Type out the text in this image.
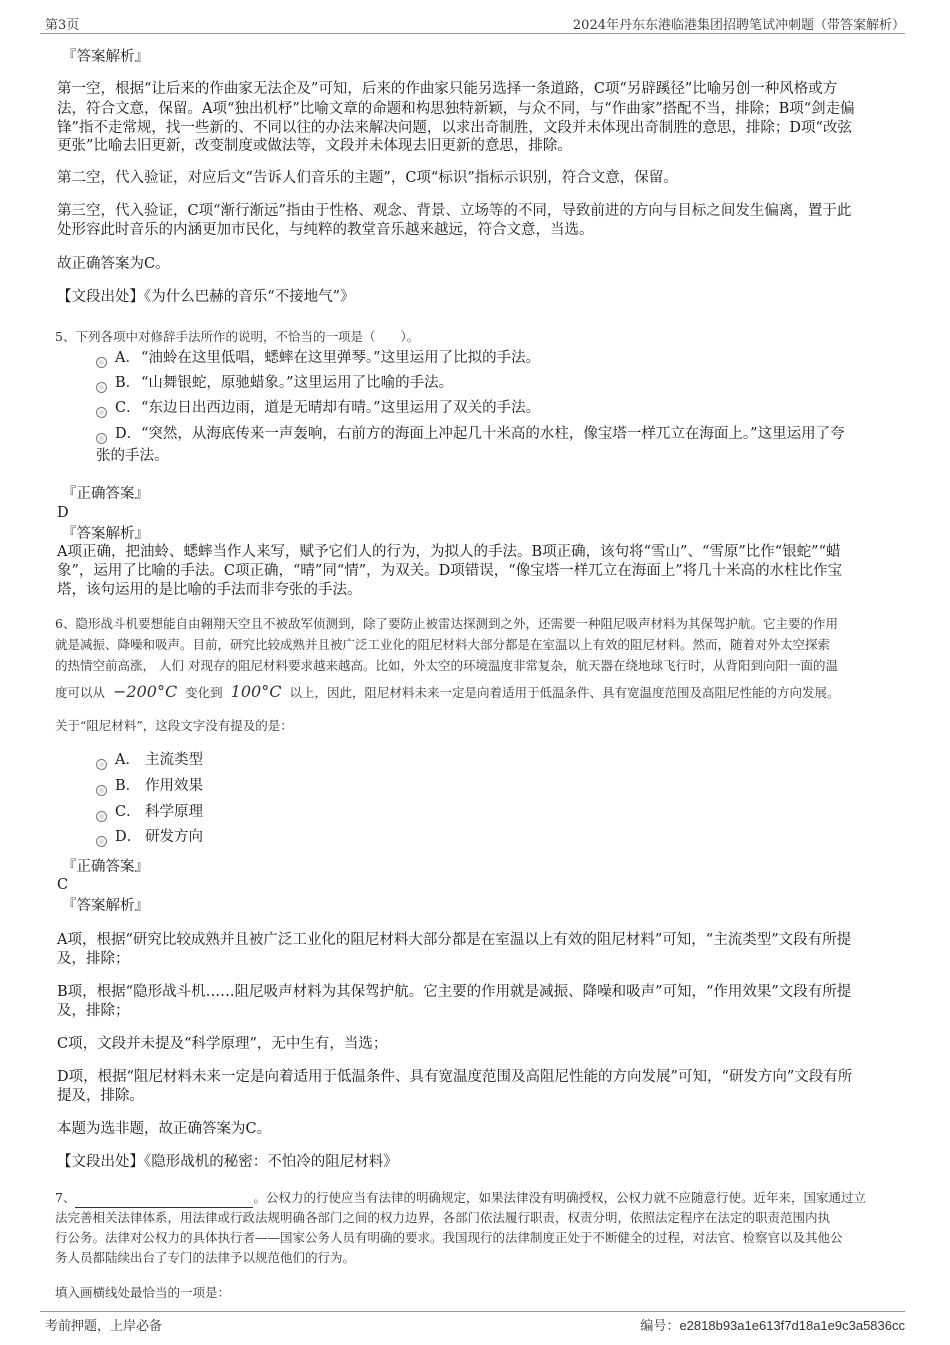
第3页	2024年丹东东港临港集团招聘笔试冲刺题（带答案解析）
『答案解析』
第一空，根据“让后来的作曲家无法企及”可知，后来的作曲家只能另选择一条道路，C项“另辟蹊径”比喻另创一种风格或方
法，符合文意，保留。A项“独出机杼”比喻文章的命题和构思独特新颖，与众不同，与“作曲家”搭配不当，排除；B项“剑走偏
锋”指不走常规，找一些新的、不同以往的办法来解决问题，以求出奇制胜，文段并未体现出奇制胜的意思，排除；D项“改弦
更张”比喻去旧更新，改变制度或做法等，文段并未体现去旧更新的意思，排除。
第二空，代入验证，对应后文“告诉人们音乐的主题”，C项“标识”指标示识别，符合文意，保留。
第三空，代入验证，C项“渐行渐远”指由于性格、观念、背景、立场等的不同，导致前进的方向与目标之间发生偏离，置于此
处形容此时音乐的内涵更加市民化，与纯粹的教堂音乐越来越远，符合文意，当选。
故正确答案为C。
【文段出处】《为什么巴赫的音乐“不接地气”》
5、下列各项中对修辞手法所作的说明，不恰当的一项是（　　）。
A． “油蛉在这里低唱，蟋蟀在这里弹琴。”这里运用了比拟的手法。
B． “山舞银蛇，原驰蜡象。”这里运用了比喻的手法。
C． “东边日出西边雨，道是无晴却有晴。”这里运用了双关的手法。
D． “突然，从海底传来一声轰响，右前方的海面上冲起几十米高的水柱，像宝塔一样兀立在海面上。”这里运用了夸
张的手法。
『正确答案』
D
『答案解析』
A项正确，把油蛉、蟋蟀当作人来写，赋予它们人的行为，为拟人的手法。B项正确，该句将“雪山”、“雪原”比作“银蛇”“蜡
象”，运用了比喻的手法。C项正确，“晴”同“情”，为双关。D项错误，“像宝塔一样兀立在海面上”将几十米高的水柱比作宝
塔，该句运用的是比喻的手法而非夸张的手法。
6、隐形战斗机要想能自由翱翔天空且不被敌军侦测到，除了要防止被雷达探测到之外，还需要一种阻尼吸声材料为其保驾护航。它主要的作用
就是减振、降噪和吸声。目前，研究比较成熟并且被广泛工业化的阻尼材料大部分都是在室温以上有效的阻尼材料。然而，随着对外太空探索
的热情空前高涨， 人们 对现存的阻尼材料要求越来越高。比如，外太空的环境温度非常复杂，航天器在绕地球飞行时，从背阳到向阳一面的温
度可以从 −200°C 变化到 100°C 以上，因此，阻尼材料未来一定是向着适用于低温条件、具有宽温度范围及高阻尼性能的方向发展。
关于“阻尼材料”，这段文字没有提及的是：
A． 主流类型
B． 作用效果
C． 科学原理
D． 研发方向
『正确答案』
C
『答案解析』
A项，根据“研究比较成熟并且被广泛工业化的阻尼材料大部分都是在室温以上有效的阻尼材料”可知，“主流类型”文段有所提
及，排除；
B项，根据“隐形战斗机……阻尼吸声材料为其保驾护航。它主要的作用就是减振、降噪和吸声”可知，“作用效果”文段有所提
及，排除；
C项，文段并未提及“科学原理”，无中生有，当选；
D项，根据“阻尼材料未来一定是向着适用于低温条件、具有宽温度范围及高阻尼性能的方向发展”可知，“研发方向”文段有所
提及，排除。
本题为选非题，故正确答案为C。
【文段出处】《隐形战机的秘密：不怕冷的阻尼材料》
7、	。公权力的行使应当有法律的明确规定，如果法律没有明确授权，公权力就不应随意行使。近年来，国家通过立
法完善相关法律体系，用法律或行政法规明确各部门之间的权力边界，各部门依法履行职责，权责分明，依照法定程序在法定的职责范围内执
行公务。法律对公权力的具体执行者——国家公务人员有明确的要求。我国现行的法律制度正处于不断健全的过程，对法官、检察官以及其他公
务人员都陆续出台了专门的法律予以规范他们的行为。
填入画横线处最恰当的一项是：
考前押题，上岸必备	编号：e2818b93a1e613f7d18a1e9c3a5836cc
